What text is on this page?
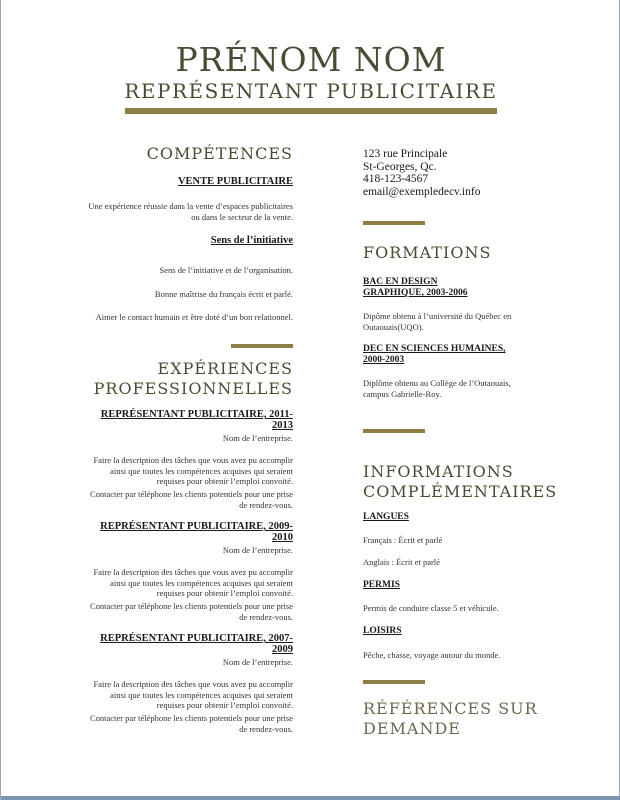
PRÉNOM NOM
REPRÉSENTANT PUBLICITAIRE
COMPÉTENCES
VENTE PUBLICITAIRE
Une expérience réussie dans la vente d’espaces publicitaires ou dans le secteur de la vente.
Sens de l’initiative
Sens de l’initiative et de l’organisation.
Bonne maîtrise du français écrit et parlé.
Aimer le contact humain et être doté d’un bon relationnel.
EXPÉRIENCES
PROFESSIONNELLES
REPRÉSENTANT PUBLICITAIRE, 2011-2013
Nom de l’entreprise.
Faire la description des tâches que vous avez pu accomplir ainsi que toutes les compétences acquises qui seraient requises pour obtenir l’emploi convoité.
Contacter par téléphone les clients potentiels pour une prise de rendez-vous.
REPRÉSENTANT PUBLICITAIRE, 2009-2010
Nom de l’entreprise.
Faire la description des tâches que vous avez pu accomplir ainsi que toutes les compétences acquises qui seraient requises pour obtenir l’emploi convoité.
Contacter par téléphone les clients potentiels pour une prise de rendez-vous.
REPRÉSENTANT PUBLICITAIRE, 2007-2009
Nom de l’entreprise.
Faire la description des tâches que vous avez pu accomplir ainsi que toutes les compétences acquises qui seraient requises pour obtenir l’emploi convoité.
Contacter par téléphone les clients potentiels pour une prise de rendez-vous.
123 rue Principale
St-Georges, Qc.
418-123-4567
email@exempledecv.info
FORMATIONS
BAC EN DESIGN
GRAPHIQUE, 2003-2006
Dipôme obtenu à l’université du Québec en Outaouais(UQO).
DEC EN SCIENCES HUMAINES,
2000-2003
Diplôme obtenu au Collège de l’Outaouais, campus Gabrielle-Roy.
INFORMATIONS
COMPLÉMENTAIRES
LANGUES
Français : Écrit et parlé
Anglais : Écrit et parlé
PERMIS
Permis de conduire classe 5 et véhicule.
LOISIRS
Pêche, chasse, voyage autour du monde.
RÉFÉRENCES SUR
DEMANDE
